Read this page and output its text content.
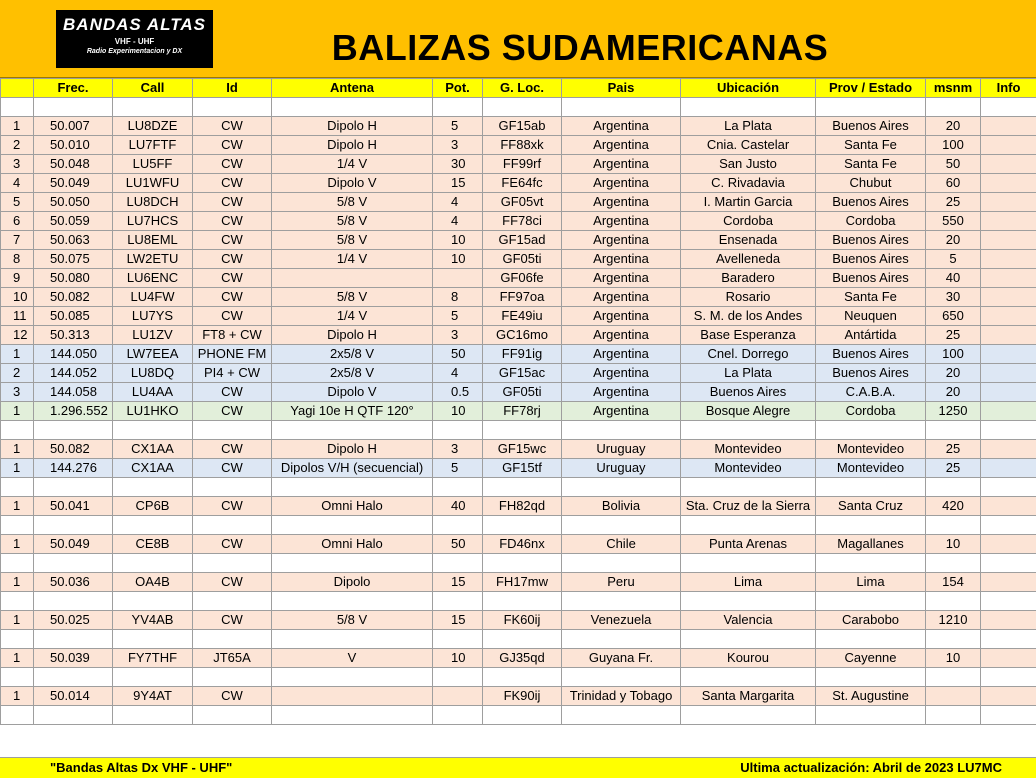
BANDAS ALTAS
VHF - UHF
Radio Experimentacion y DX	BALIZAS SUDAMERICANAS
	Frec.	Call	Id	Antena	Pot.	G. Loc.	Pais	Ubicación	Prov / Estado	msnm	Info

1	50.007	LU8DZE	CW	Dipolo H	5	GF15ab	Argentina	La Plata	Buenos Aires	20	
2	50.010	LU7FTF	CW	Dipolo H	3	FF88xk	Argentina	Cnia. Castelar	Santa Fe	100	
3	50.048	LU5FF	CW	1/4 V	30	FF99rf	Argentina	San Justo	Santa Fe	50	
4	50.049	LU1WFU	CW	Dipolo V	15	FE64fc	Argentina	C. Rivadavia	Chubut	60	
5	50.050	LU8DCH	CW	5/8 V	4	GF05vt	Argentina	I. Martin Garcia	Buenos Aires	25	
6	50.059	LU7HCS	CW	5/8 V	4	FF78ci	Argentina	Cordoba	Cordoba	550	
7	50.063	LU8EML	CW	5/8 V	10	GF15ad	Argentina	Ensenada	Buenos Aires	20	
8	50.075	LW2ETU	CW	1/4 V	10	GF05ti	Argentina	Avelleneda	Buenos Aires	5	
9	50.080	LU6ENC	CW			GF06fe	Argentina	Baradero	Buenos Aires	40	
10	50.082	LU4FW	CW	5/8 V	8	FF97oa	Argentina	Rosario	Santa Fe	30	
11	50.085	LU7YS	CW	1/4 V	5	FE49iu	Argentina	S. M. de los Andes	Neuquen	650	
12	50.313	LU1ZV	FT8 + CW	Dipolo H	3	GC16mo	Argentina	Base Esperanza	Antártida	25	
1	144.050	LW7EEA	PHONE FM	2x5/8 V	50	FF91ig	Argentina	Cnel. Dorrego	Buenos Aires	100	
2	144.052	LU8DQ	PI4 + CW	2x5/8 V	4	GF15ac	Argentina	La Plata	Buenos Aires	20	
3	144.058	LU4AA	CW	Dipolo V	0.5	GF05ti	Argentina	Buenos Aires	C.A.B.A.	20	
1	1.296.552	LU1HKO	CW	Yagi 10e H QTF 120°	10	FF78rj	Argentina	Bosque Alegre	Cordoba	1250	

1	50.082	CX1AA	CW	Dipolo H	3	GF15wc	Uruguay	Montevideo	Montevideo	25	
1	144.276	CX1AA	CW	Dipolos V/H (secuencial)	5	GF15tf	Uruguay	Montevideo	Montevideo	25	

1	50.041	CP6B	CW	Omni Halo	40	FH82qd	Bolivia	Sta. Cruz de la Sierra	Santa Cruz	420	

1	50.049	CE8B	CW	Omni Halo	50	FD46nx	Chile	Punta Arenas	Magallanes	10	

1	50.036	OA4B	CW	Dipolo	15	FH17mw	Peru	Lima	Lima	154	

1	50.025	YV4AB	CW	5/8 V	15	FK60ij	Venezuela	Valencia	Carabobo	1210	

1	50.039	FY7THF	JT65A	V	10	GJ35qd	Guyana Fr.	Kourou	Cayenne	10	

1	50.014	9Y4AT	CW			FK90ij	Trinidad y Tobago	Santa Margarita	St. Augustine		

"Bandas Altas Dx VHF - UHF"	Ultima actualización: Abril de 2023 LU7MC
